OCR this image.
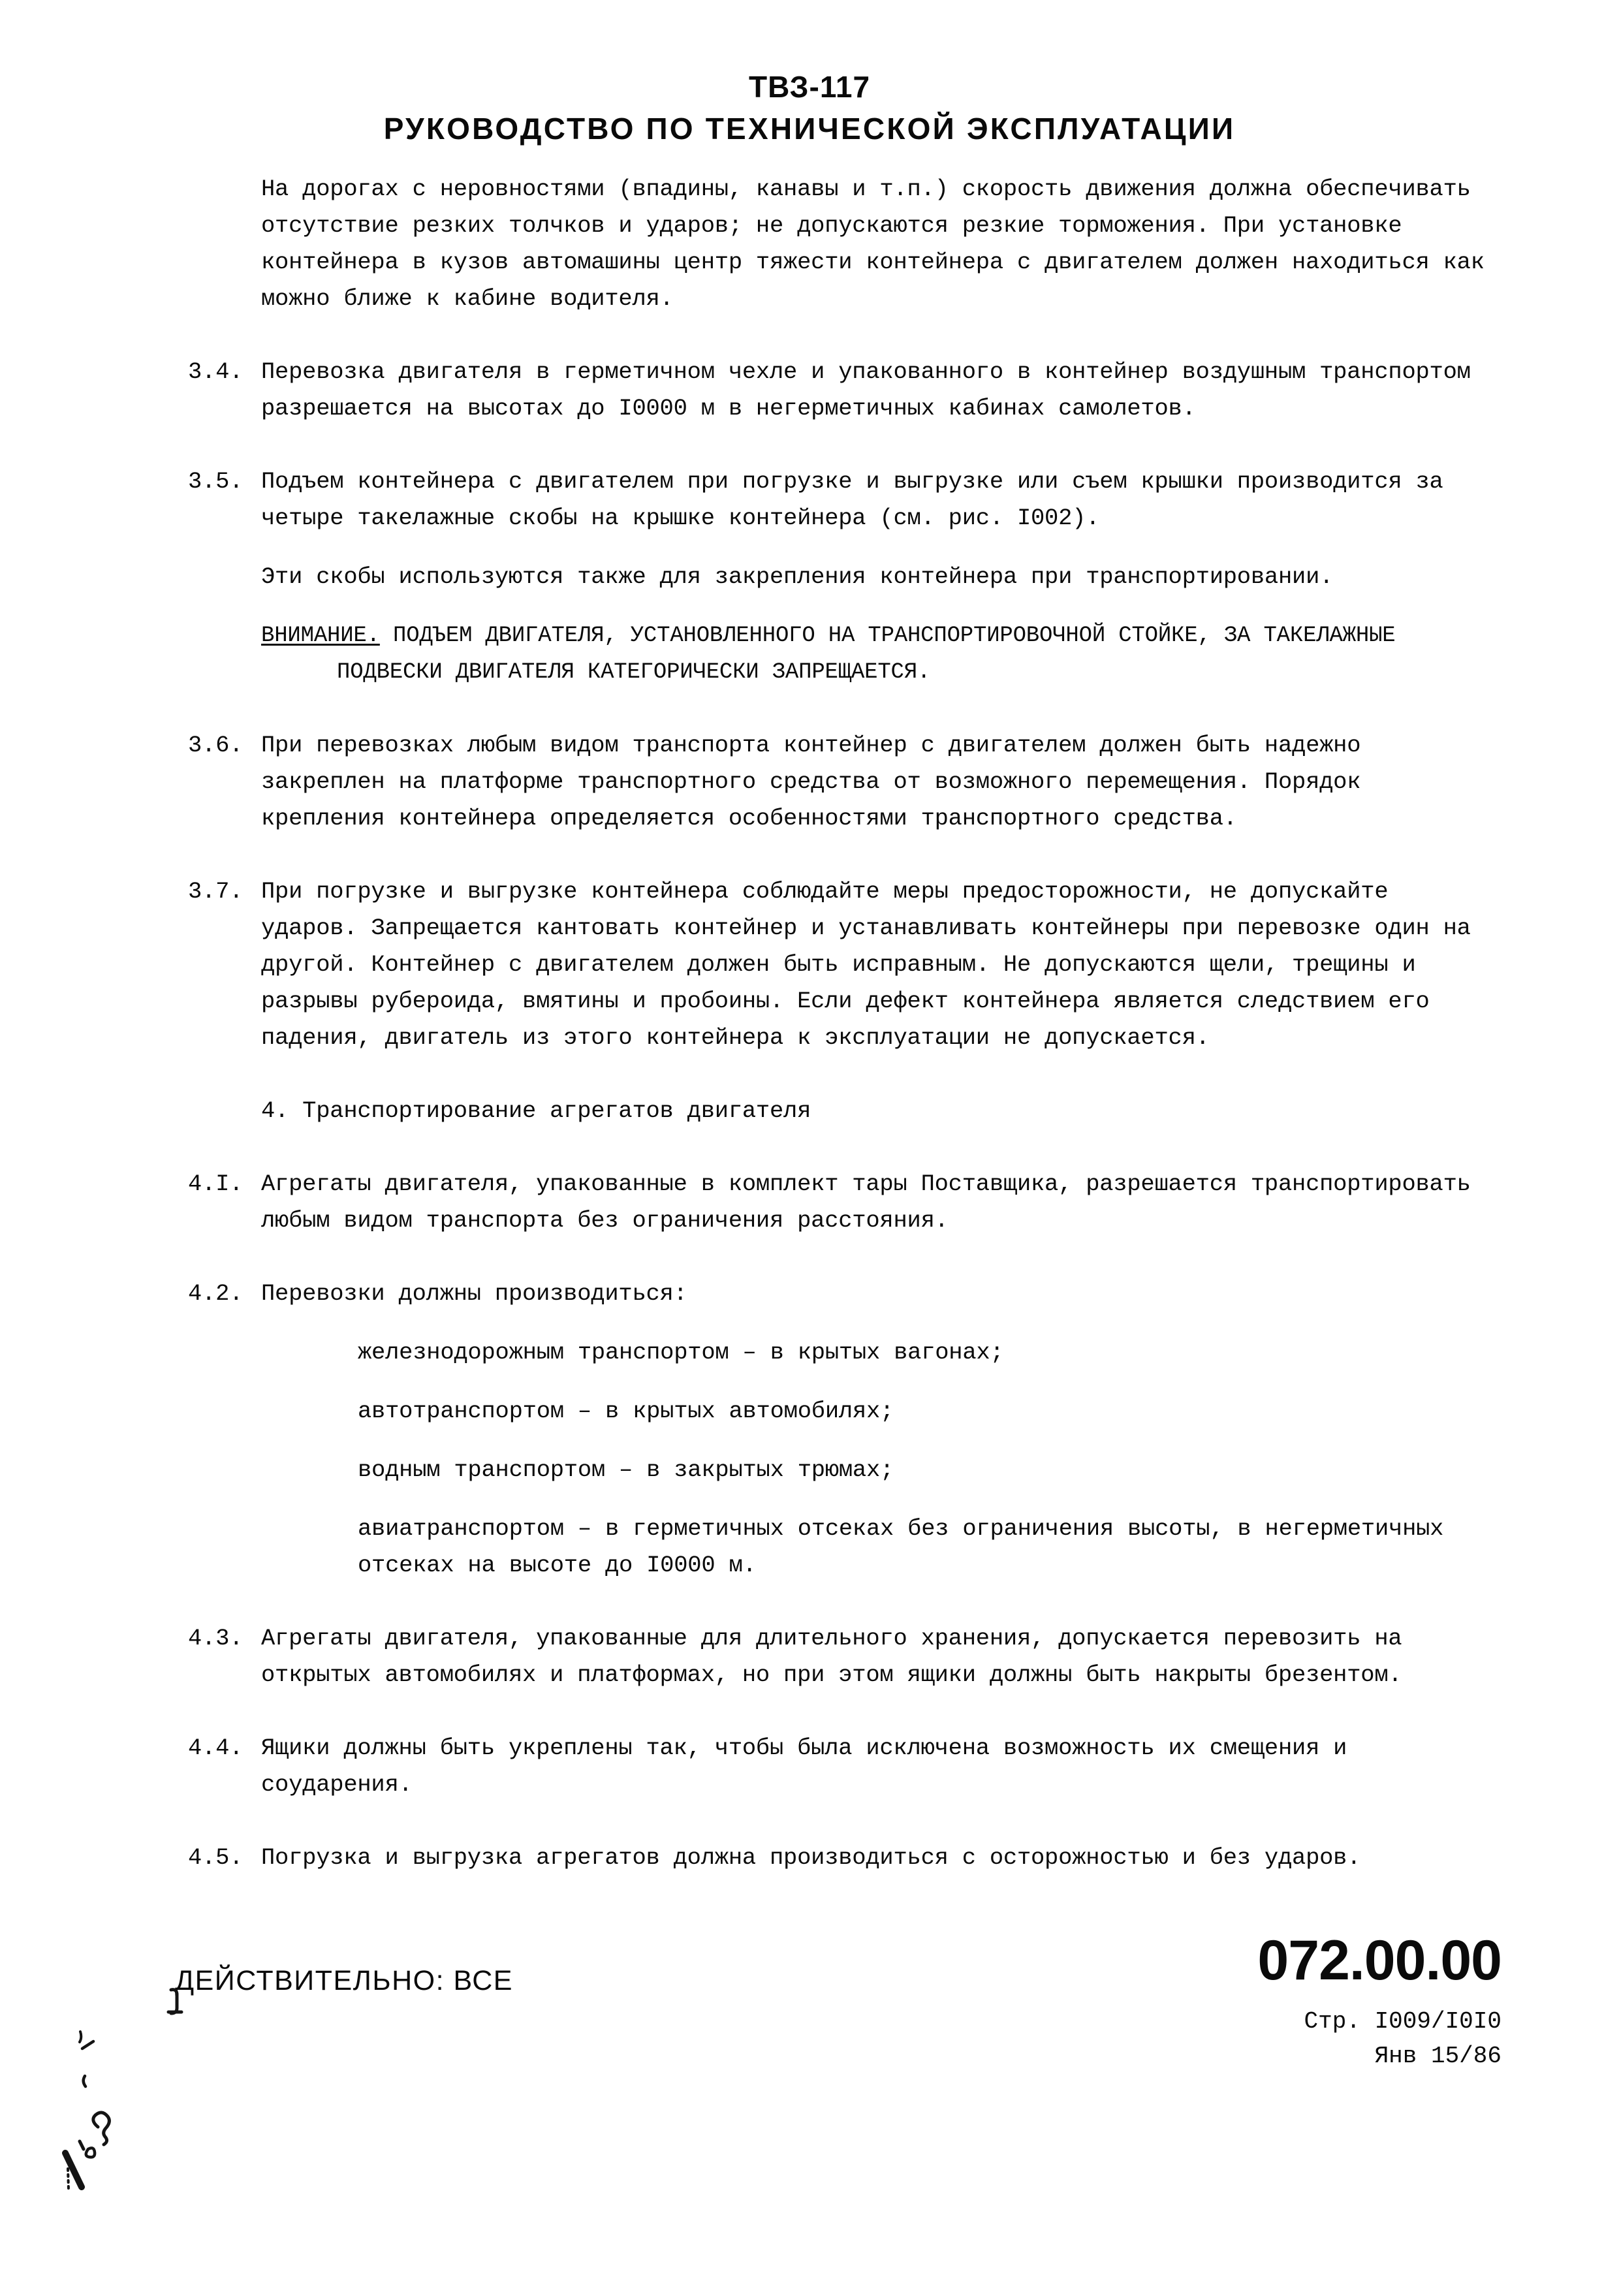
ТВЗ-117
РУКОВОДСТВО ПО ТЕХНИЧЕСКОЙ ЭКСПЛУАТАЦИИ

На дорогах с неровностями (впадины, канавы и т.п.) скорость движения должна обеспечивать отсутствие резких толчков и ударов; не допускаются резкие торможения. При установке контейнера в кузов автомашины центр тяжести контейнера с двигателем должен находиться как можно ближе к кабине водителя.

3.4. Перевозка двигателя в герметичном чехле и упакованного в контейнер воздушным транспортом разрешается на высотах до I0000 м в негерметичных кабинах самолетов.

3.5. Подъем контейнера с двигателем при погрузке и выгрузке или съем крышки производится за четыре такелажные скобы на крышке контейнера (см. рис. I002).

Эти скобы используются также для закрепления контейнера при транспортировании.
ВНИМАНИЕ. ПОДЪЕМ ДВИГАТЕЛЯ, УСТАНОВЛЕННОГО НА ТРАНСПОРТИРОВОЧНОЙ СТОЙКЕ, ЗА ТАКЕЛАЖНЫЕ
ПОДВЕСКИ ДВИГАТЕЛЯ КАТЕГОРИЧЕСКИ ЗАПРЕЩАЕТСЯ.
3.6. При перевозках любым видом транспорта контейнер с двигателем должен быть надежно закреплен на платформе транспортного средства от возможного перемещения. Порядок крепления контейнера определяется особенностями транспортного средства.

3.7. При погрузке и выгрузке контейнера соблюдайте меры предосторожности, не допускайте ударов. Запрещается кантовать контейнер и устанавливать контейнеры при перевозке один на другой. Контейнер с двигателем должен быть исправным. Не допускаются щели, трещины и разрывы рубероида, вмятины и пробоины. Если дефект контейнера является следствием его падения, двигатель из этого контейнера к эксплуатации не допускается.

4. Транспортирование агрегатов двигателя
4.I. Агрегаты двигателя, упакованные в комплект тары Поставщика, разрешается транспортировать любым видом транспорта без ограничения расстояния.

4.2. Перевозки должны производиться:

железнодорожным транспортом – в крытых вагонах;

автотранспортом – в крытых автомобилях;

водным транспортом – в закрытых трюмах;

авиатранспортом – в герметичных отсеках без ограничения высоты, в негерметичных отсеках на высоте до I0000 м.

4.3. Агрегаты двигателя, упакованные для длительного хранения, допускается перевозить на открытых автомобилях и платформах, но при этом ящики должны быть накрыты брезентом.

4.4. Ящики должны быть укреплены так, чтобы была исключена возможность их смещения и соударения.

4.5. Погрузка и выгрузка агрегатов должна производиться с осторожностью и без ударов.

ДЕЙСТВИТЕЛЬНО: ВСЕ	072.00.00
Стр. I009/I0I0
Янв 15/86
